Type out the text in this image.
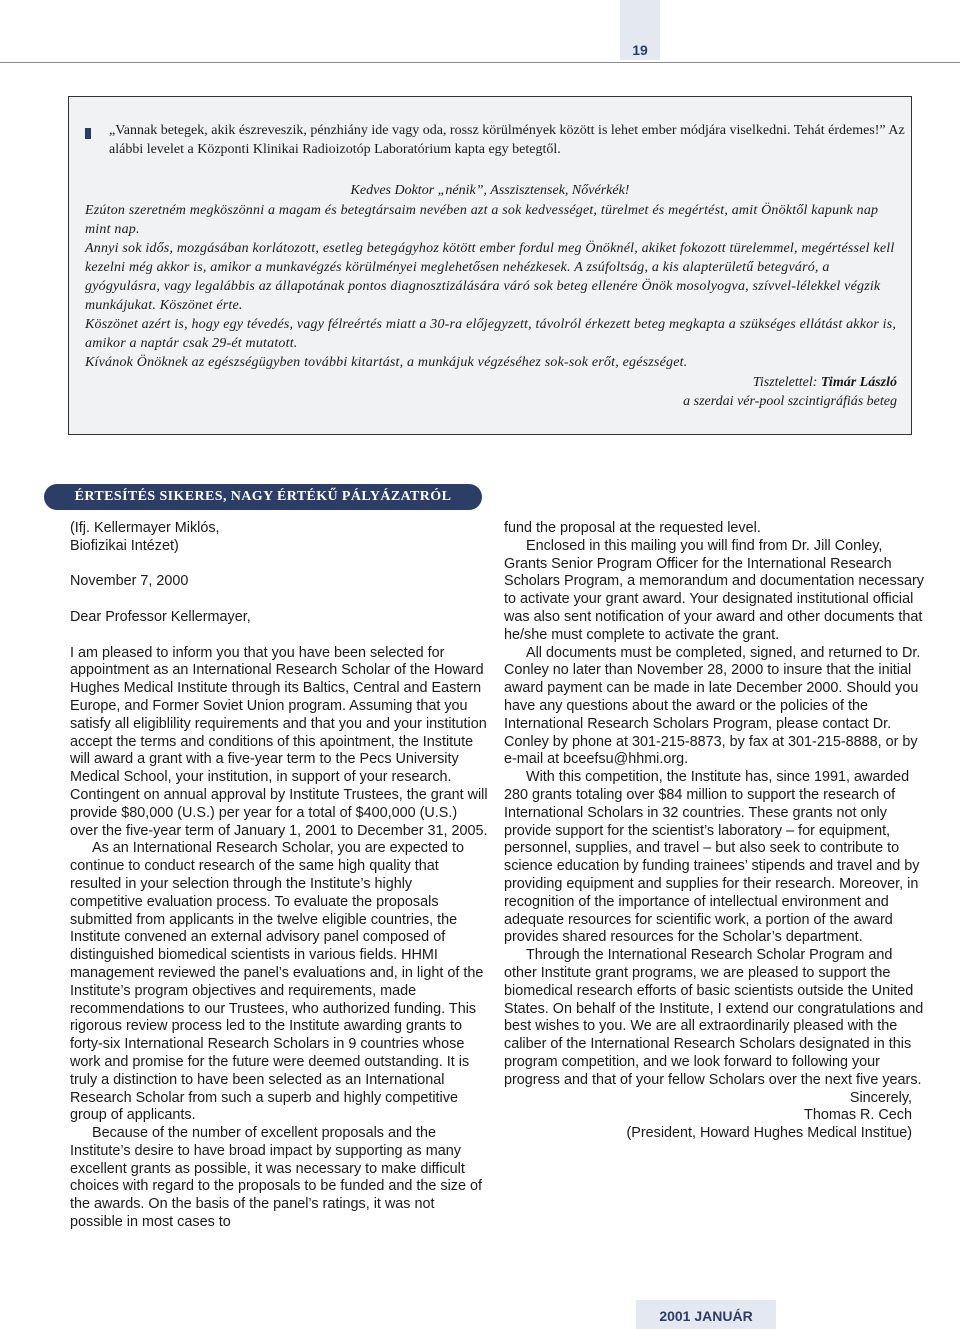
19

„Vannak betegek, akik észreveszik, pénzhiány ide vagy oda, rossz körülmények között is lehet ember módjára viselkedni. Tehát érdemes!” Az alábbi levelet a Központi Klinikai Radioizotóp Laboratórium kapta egy betegtől.

Kedves Doktor „nénik”, Asszisztensek, Nővérkék!

Ezúton szeretném megköszönni a magam és betegtársaim nevében azt a sok kedvességet, türelmet és megértést, amit Önöktől kapunk nap mint nap.

Annyi sok idős, mozgásában korlátozott, esetleg betegágyhoz kötött ember fordul meg Önöknél, akiket fokozott türelemmel, megértéssel kell kezelni még akkor is, amikor a munkavégzés körülményei meglehetősen nehézkesek. A zsúfoltság, a kis alapterületű betegváró, a gyógyulásra, vagy legalábbis az állapotának pontos diagnosztizálására váró sok beteg ellenére Önök mosolyogva, szívvel-lélekkel végzik munkájukat. Köszönet érte.

Köszönet azért is, hogy egy tévedés, vagy félreértés miatt a 30-ra előjegyzett, távolról érkezett beteg megkapta a szükséges ellátást akkor is, amikor a naptár csak 29-ét mutatott.

Kívánok Önöknek az egészségügyben további kitartást, a munkájuk végzéséhez sok-sok erőt, egészséget.

Tisztelettel: Timár László

a szerdai vér-pool szcintigráfiás beteg

ÉRTESÍTÉS SIKERES, NAGY ÉRTÉKŰ PÁLYÁZATRÓL

(Ifj. Kellermayer Miklós,

Biofizikai Intézet)

November 7, 2000

Dear Professor Kellermayer,

I am pleased to inform you that you have been selected for appointment as an International Research Scholar of the Howard Hughes Medical Institute through its Baltics, Central and Eastern Europe, and Former Soviet Union program. Assuming that you satisfy all eligiblility requirements and that you and your institution accept the terms and conditions of this apointment, the Institute will award a grant with a five-year term to the Pecs University Medical School, your institution, in support of your research. Contingent on annual approval by Institute Trustees, the grant will provide $80,000 (U.S.) per year for a total of $400,000 (U.S.) over the five-year term of January 1, 2001 to December 31, 2005.

As an International Research Scholar, you are expected to continue to conduct research of the same high quality that resulted in your selection through the Institute’s highly competitive evaluation process. To evaluate the proposals submitted from applicants in the twelve eligible countries, the Institute convened an external advisory panel composed of distinguished biomedical scientists in various fields. HHMI management reviewed the panel’s evaluations and, in light of the Institute’s program objectives and requirements, made recommendations to our Trustees, who authorized funding. This rigorous review process led to the Institute awarding grants to forty-six International Research Scholars in 9 countries whose work and promise for the future were deemed outstanding. It is truly a distinction to have been selected as an International Research Scholar from such a superb and highly competitive group of applicants.

Because of the number of excellent proposals and the Institute’s desire to have broad impact by supporting as many excellent grants as possible, it was necessary to make difficult choices with regard to the proposals to be funded and the size of the awards. On the basis of the panel’s ratings, it was not possible in most cases to

fund the proposal at the requested level.

Enclosed in this mailing you will find from Dr. Jill Conley, Grants Senior Program Officer for the International Research Scholars Program, a memorandum and documentation necessary to activate your grant award. Your designated institutional official was also sent notification of your award and other documents that he/she must complete to activate the grant.

All documents must be completed, signed, and returned to Dr. Conley no later than November 28, 2000 to insure that the initial award payment can be made in late December 2000. Should you have any questions about the award or the policies of the International Research Scholars Program, please contact Dr. Conley by phone at 301-215-8873, by fax at 301-215-8888, or by e-mail at bceefsu@hhmi.org.

With this competition, the Institute has, since 1991, awarded 280 grants totaling over $84 million to support the research of International Scholars in 32 countries. These grants not only provide support for the scientist’s laboratory – for equipment, personnel, supplies, and travel – but also seek to contribute to science education by funding trainees’ stipends and travel and by providing equipment and supplies for their research. Moreover, in recognition of the importance of intellectual environment and adequate resources for scientific work, a portion of the award provides shared resources for the Scholar’s department.

Through the International Research Scholar Program and other Institute grant programs, we are pleased to support the biomedical research efforts of basic scientists outside the United States. On behalf of the Institute, I extend our congratulations and best wishes to you. We are all extraordinarily pleased with the caliber of the International Research Scholars designated in this program competition, and we look forward to following your progress and that of your fellow Scholars over the next five years.

Sincerely,

Thomas R. Cech

(President, Howard Hughes Medical Institue)

2001 JANUÁR
